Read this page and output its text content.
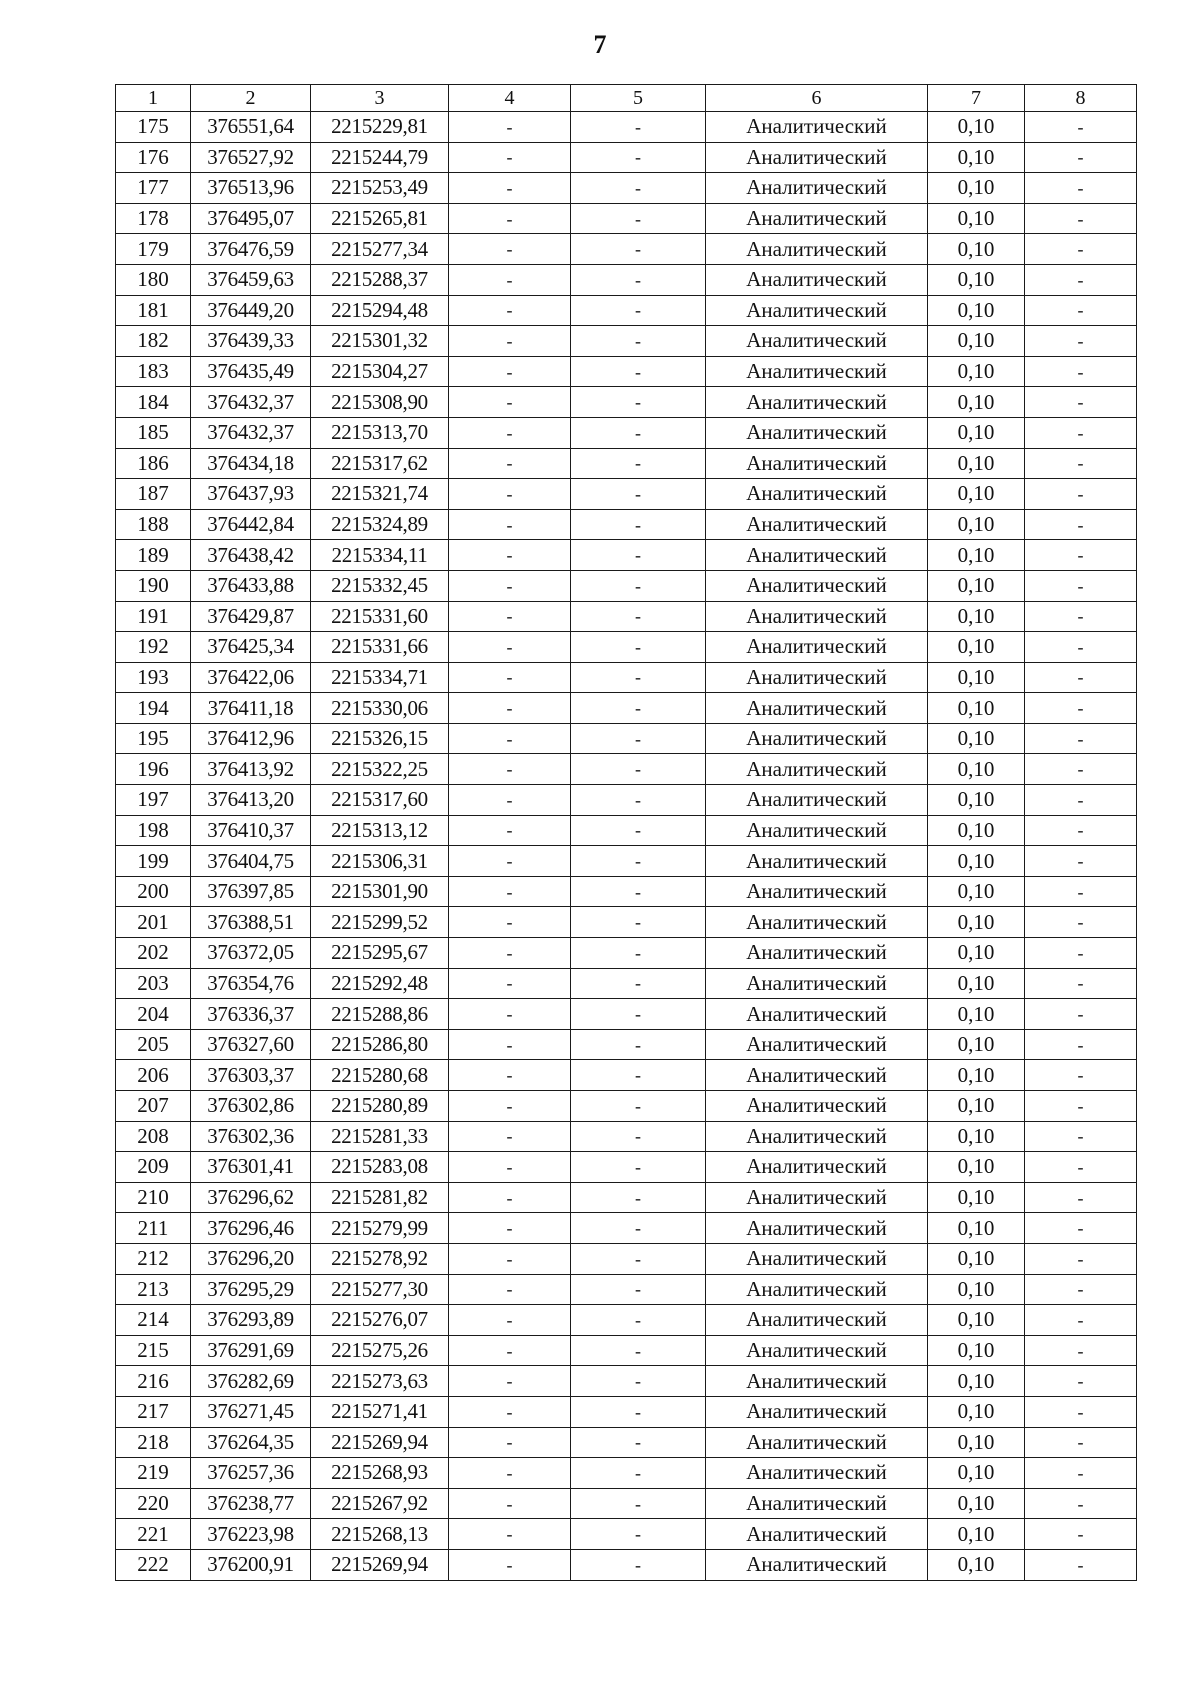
7
1	2	3	4	5	6	7	8
175	376551,64	2215229,81	-	-	Аналитический	0,10	-
176	376527,92	2215244,79	-	-	Аналитический	0,10	-
177	376513,96	2215253,49	-	-	Аналитический	0,10	-
178	376495,07	2215265,81	-	-	Аналитический	0,10	-
179	376476,59	2215277,34	-	-	Аналитический	0,10	-
180	376459,63	2215288,37	-	-	Аналитический	0,10	-
181	376449,20	2215294,48	-	-	Аналитический	0,10	-
182	376439,33	2215301,32	-	-	Аналитический	0,10	-
183	376435,49	2215304,27	-	-	Аналитический	0,10	-
184	376432,37	2215308,90	-	-	Аналитический	0,10	-
185	376432,37	2215313,70	-	-	Аналитический	0,10	-
186	376434,18	2215317,62	-	-	Аналитический	0,10	-
187	376437,93	2215321,74	-	-	Аналитический	0,10	-
188	376442,84	2215324,89	-	-	Аналитический	0,10	-
189	376438,42	2215334,11	-	-	Аналитический	0,10	-
190	376433,88	2215332,45	-	-	Аналитический	0,10	-
191	376429,87	2215331,60	-	-	Аналитический	0,10	-
192	376425,34	2215331,66	-	-	Аналитический	0,10	-
193	376422,06	2215334,71	-	-	Аналитический	0,10	-
194	376411,18	2215330,06	-	-	Аналитический	0,10	-
195	376412,96	2215326,15	-	-	Аналитический	0,10	-
196	376413,92	2215322,25	-	-	Аналитический	0,10	-
197	376413,20	2215317,60	-	-	Аналитический	0,10	-
198	376410,37	2215313,12	-	-	Аналитический	0,10	-
199	376404,75	2215306,31	-	-	Аналитический	0,10	-
200	376397,85	2215301,90	-	-	Аналитический	0,10	-
201	376388,51	2215299,52	-	-	Аналитический	0,10	-
202	376372,05	2215295,67	-	-	Аналитический	0,10	-
203	376354,76	2215292,48	-	-	Аналитический	0,10	-
204	376336,37	2215288,86	-	-	Аналитический	0,10	-
205	376327,60	2215286,80	-	-	Аналитический	0,10	-
206	376303,37	2215280,68	-	-	Аналитический	0,10	-
207	376302,86	2215280,89	-	-	Аналитический	0,10	-
208	376302,36	2215281,33	-	-	Аналитический	0,10	-
209	376301,41	2215283,08	-	-	Аналитический	0,10	-
210	376296,62	2215281,82	-	-	Аналитический	0,10	-
211	376296,46	2215279,99	-	-	Аналитический	0,10	-
212	376296,20	2215278,92	-	-	Аналитический	0,10	-
213	376295,29	2215277,30	-	-	Аналитический	0,10	-
214	376293,89	2215276,07	-	-	Аналитический	0,10	-
215	376291,69	2215275,26	-	-	Аналитический	0,10	-
216	376282,69	2215273,63	-	-	Аналитический	0,10	-
217	376271,45	2215271,41	-	-	Аналитический	0,10	-
218	376264,35	2215269,94	-	-	Аналитический	0,10	-
219	376257,36	2215268,93	-	-	Аналитический	0,10	-
220	376238,77	2215267,92	-	-	Аналитический	0,10	-
221	376223,98	2215268,13	-	-	Аналитический	0,10	-
222	376200,91	2215269,94	-	-	Аналитический	0,10	-
